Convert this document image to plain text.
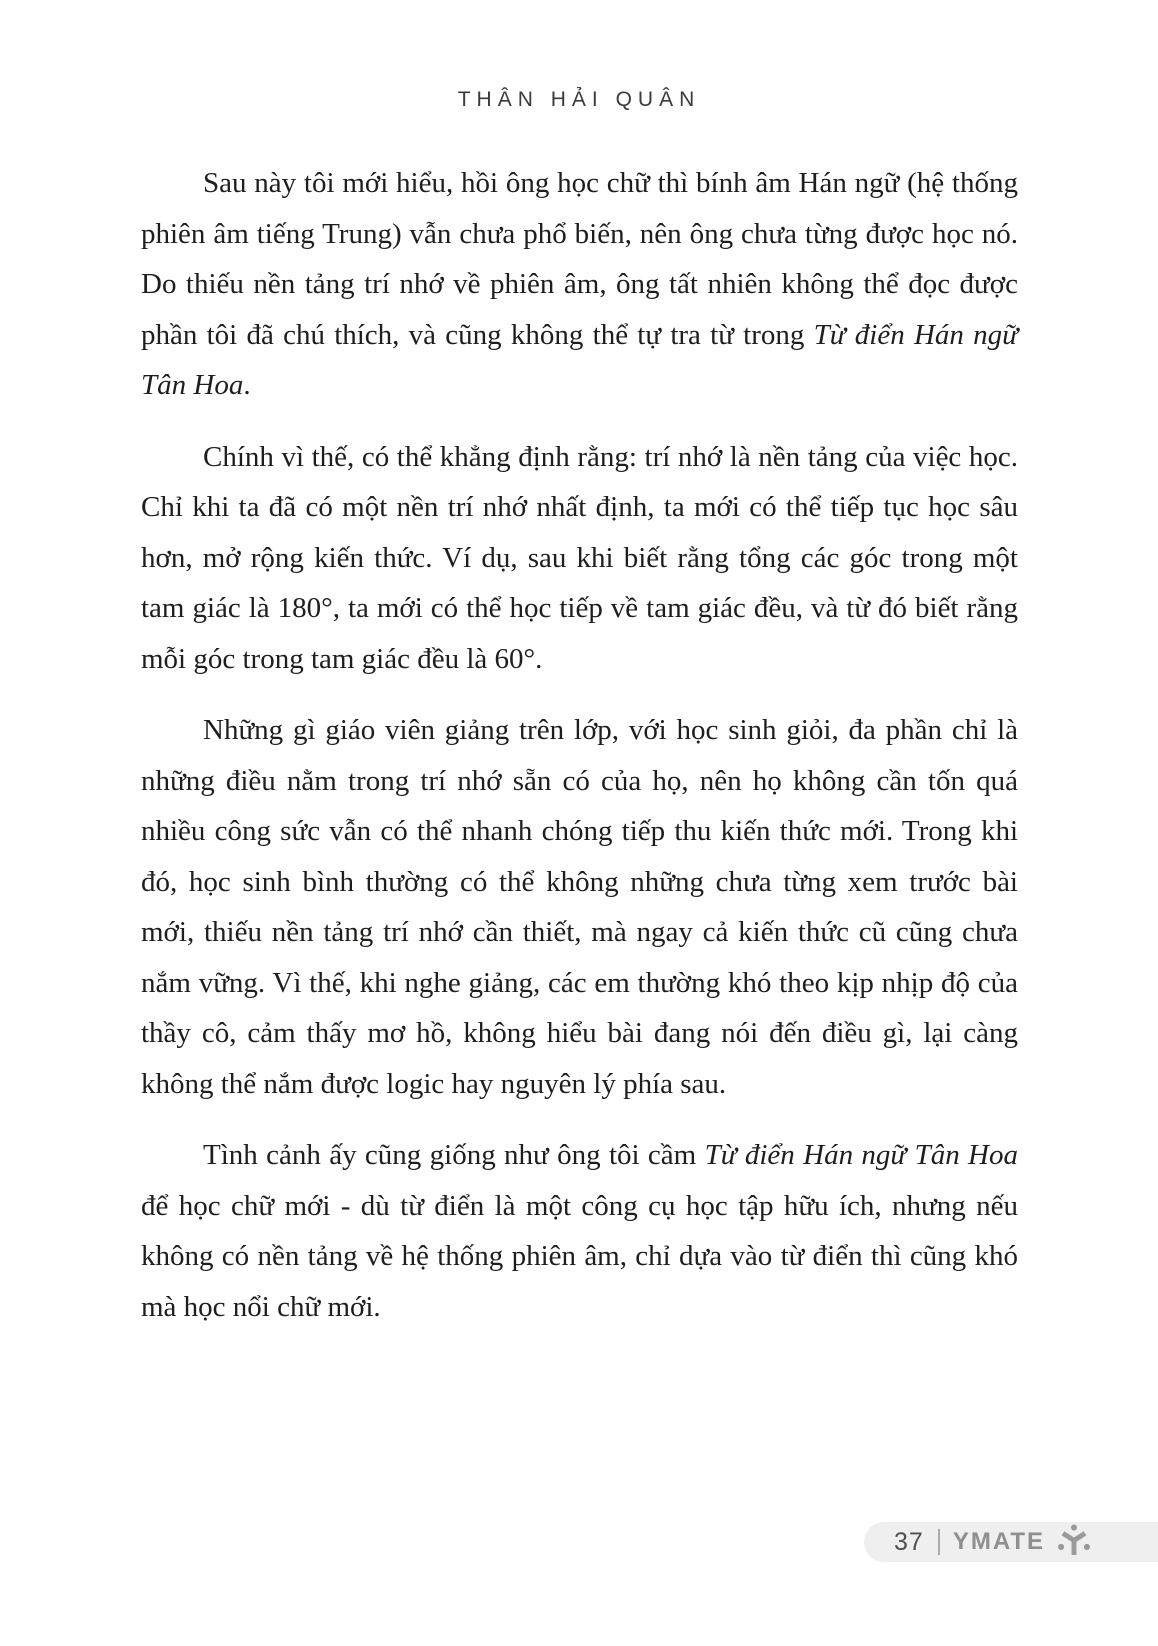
THÂN HẢI QUÂN

Sau này tôi mới hiểu, hồi ông học chữ thì bính âm Hán ngữ (hệ thống phiên âm tiếng Trung) vẫn chưa phổ biến, nên ông chưa từng được học nó. Do thiếu nền tảng trí nhớ về phiên âm, ông tất nhiên không thể đọc được phần tôi đã chú thích, và cũng không thể tự tra từ trong Từ điển Hán ngữ Tân Hoa.

Chính vì thế, có thể khẳng định rằng: trí nhớ là nền tảng của việc học. Chỉ khi ta đã có một nền trí nhớ nhất định, ta mới có thể tiếp tục học sâu hơn, mở rộng kiến thức. Ví dụ, sau khi biết rằng tổng các góc trong một tam giác là 180°, ta mới có thể học tiếp về tam giác đều, và từ đó biết rằng mỗi góc trong tam giác đều là 60°.

Những gì giáo viên giảng trên lớp, với học sinh giỏi, đa phần chỉ là những điều nằm trong trí nhớ sẵn có của họ, nên họ không cần tốn quá nhiều công sức vẫn có thể nhanh chóng tiếp thu kiến thức mới. Trong khi đó, học sinh bình thường có thể không những chưa từng xem trước bài mới, thiếu nền tảng trí nhớ cần thiết, mà ngay cả kiến thức cũ cũng chưa nắm vững. Vì thế, khi nghe giảng, các em thường khó theo kịp nhịp độ của thầy cô, cảm thấy mơ hồ, không hiểu bài đang nói đến điều gì, lại càng không thể nắm được logic hay nguyên lý phía sau.

Tình cảnh ấy cũng giống như ông tôi cầm Từ điển Hán ngữ Tân Hoa để học chữ mới - dù từ điển là một công cụ học tập hữu ích, nhưng nếu không có nền tảng về hệ thống phiên âm, chỉ dựa vào từ điển thì cũng khó mà học nổi chữ mới.

37 YMATE
